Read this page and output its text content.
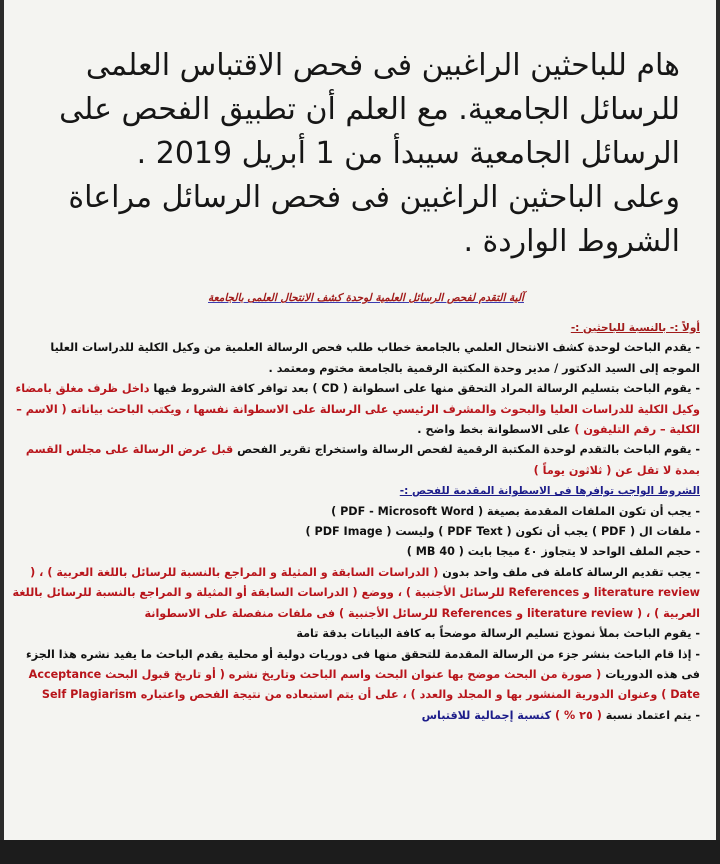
هام للباحثين الراغبين فى فحص الاقتباس العلمى

للرسائل الجامعية. مع العلم أن تطبيق الفحص على

الرسائل الجامعية سيبدأ من 1 أبريل 2019 .

وعلى الباحثين الراغبين فى فحص الرسائل مراعاة

الشروط الواردة .

آلية التقدم لفحص الرسائل العلمية لوحدة كشف الانتحال العلمى بالجامعة

أولاً :- بالنسبة للباحثين :-

- يقدم الباحث لوحدة كشف الانتحال العلمي بالجامعة خطاب طلب فحص الرسالة العلمية من وكيل الكلية للدراسات العليا الموجه إلى السيد الدكتور / مدير وحدة المكتبة الرقمية بالجامعة مختوم ومعتمد .

- يقوم الباحث بتسليم الرسالة المراد التحقق منها على اسطوانة ( CD ) بعد توافر كافة الشروط فيها داخل ظرف مغلق بامضاء وكيل الكلية للدراسات العليا والبحوث والمشرف الرئيسي على الرسالة على الاسطوانة نفسها ، ويكتب الباحث بياناته ( الاسم – الكلية – رقم التليفون ) على الاسطوانة بخط واضح .

- يقوم الباحث بالتقدم لوحدة المكتبة الرقمية لفحص الرسالة واستخراج تقرير الفحص قبل عرض الرسالة على مجلس القسم بمدة لا تقل عن ( ثلاثون يوماً )

الشروط الواجب توافرها فى الاسطوانة المقدمة للفحص :-

- يجب أن تكون الملفات المقدمة بصيغة ( PDF - Microsoft Word )

- ملفات ال ( PDF ) يجب أن تكون ( PDF Text ) وليست ( PDF Image )

- حجم الملف الواحد لا يتجاوز ٤٠ ميجا بايت ( 40 MB )

- يجب تقديم الرسالة كاملة فى ملف واحد بدون ( الدراسات السابقة و المثيلة و المراجع بالنسبة للرسائل باللغة العربية ) ، ( literature review و References للرسائل الأجنبية ) ، ووضع ( الدراسات السابقة أو المثيلة و المراجع بالنسبة للرسائل باللغة العربية ) ، ( literature review و References للرسائل الأجنبية ) فى ملفات منفصلة على الاسطوانة

- يقوم الباحث بملأ نموذج تسليم الرسالة موضحاً به كافة البيانات بدقة تامة

- إذا قام الباحث بنشر جزء من الرسالة المقدمة للتحقق منها فى دوريات دولية أو محلية يقدم الباحث ما يفيد نشره هذا الجزء فى هذه الدوريات ( صورة من البحث موضح بها عنوان البحث واسم الباحث وتاريخ نشره ( أو تاريخ قبول البحث Acceptance Date ) وعنوان الدورية المنشور بها و المجلد والعدد ) ، على أن يتم استبعاده من نتيجة الفحص واعتباره Self Plagiarism

- يتم اعتماد نسبة ( ٢٥ % ) كنسبة إجمالية للاقتباس
